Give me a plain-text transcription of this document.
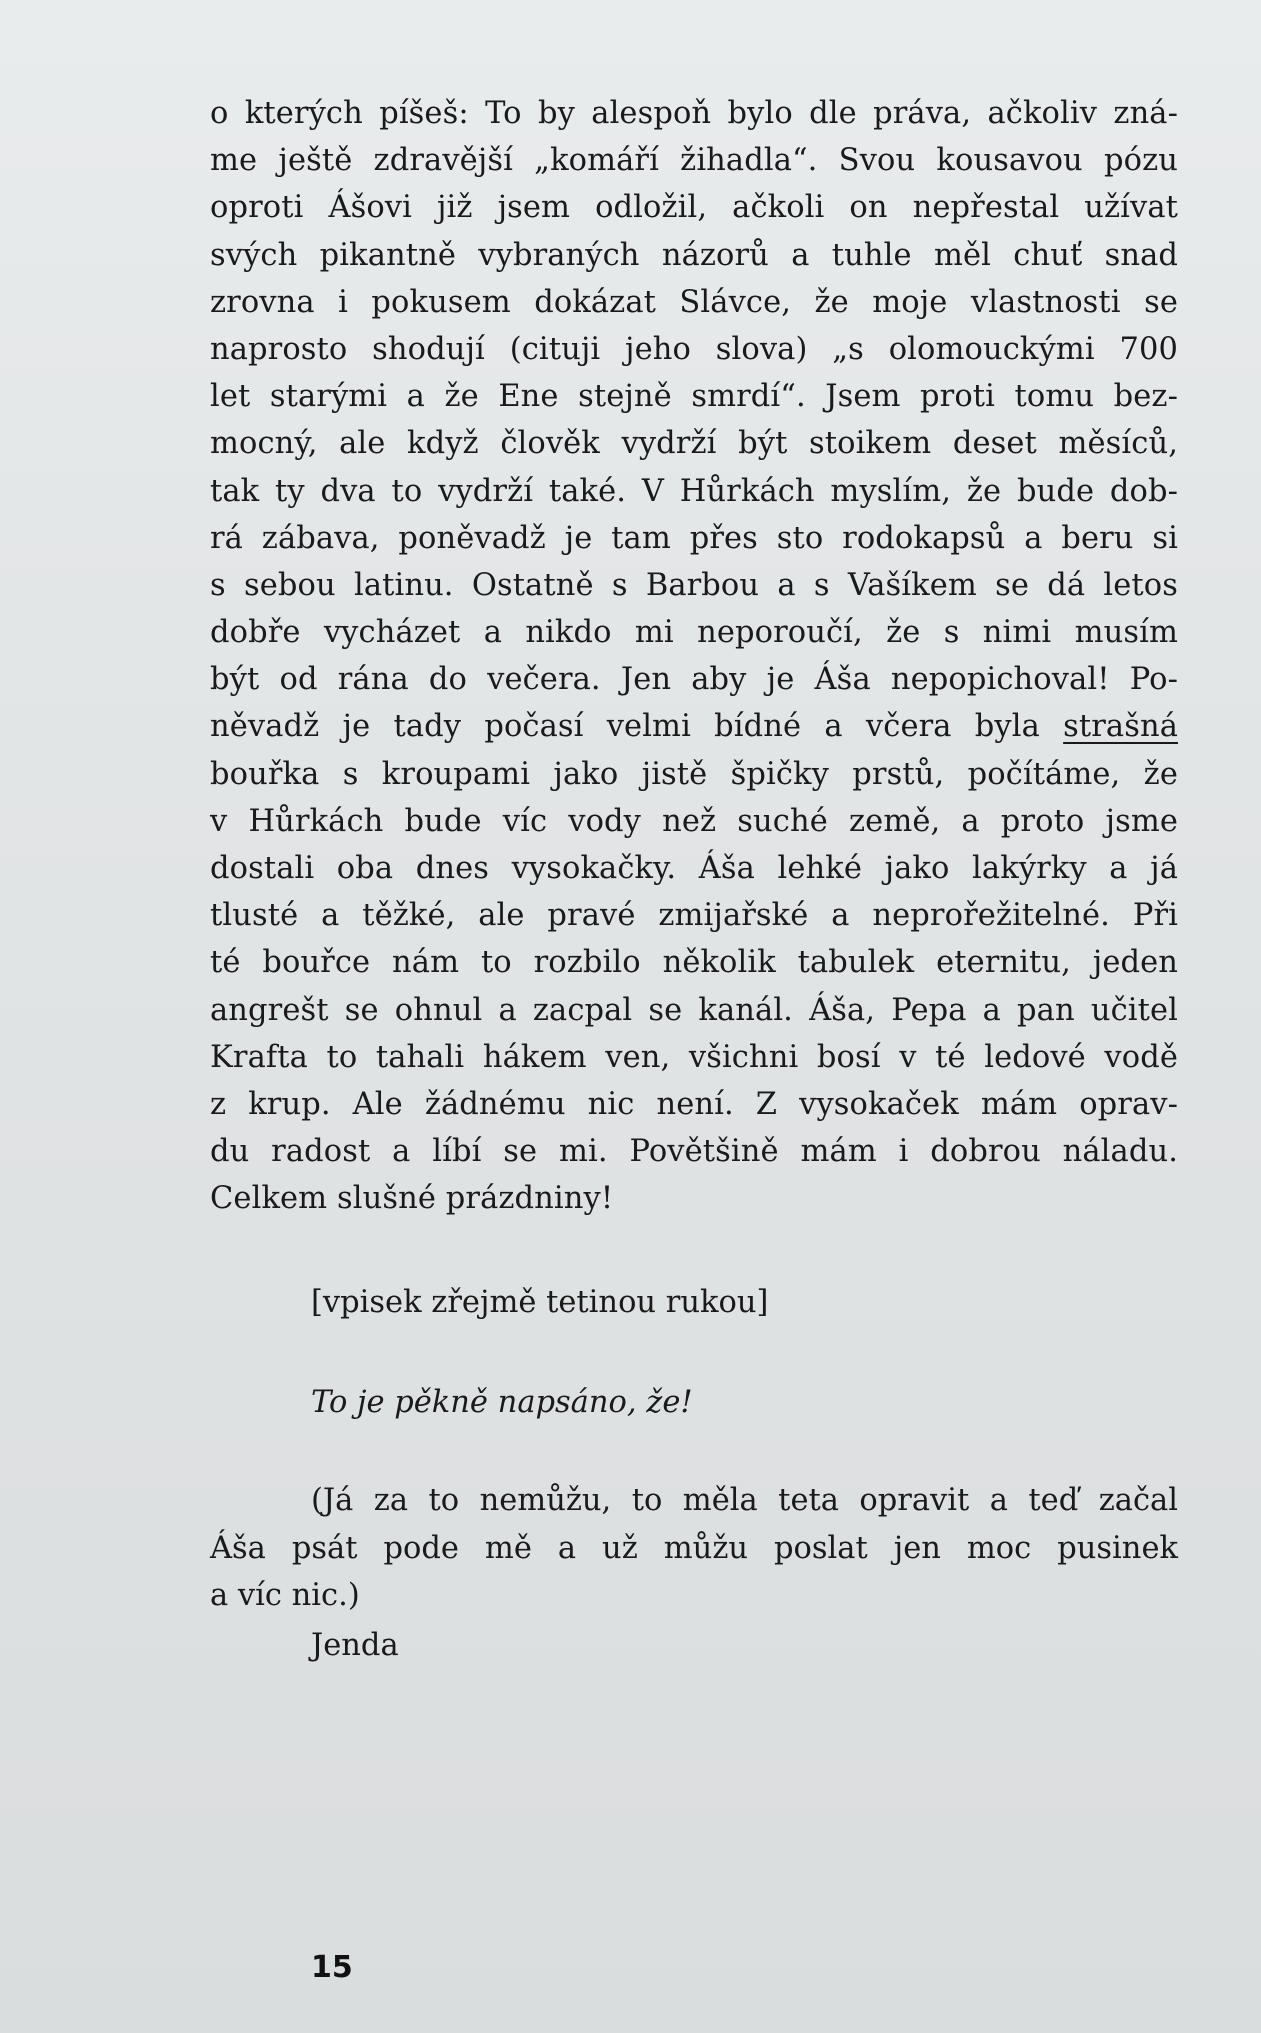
o kterých píšeš: To by alespoň bylo dle práva, ačkoliv zná-
me ještě zdravější „komáří žihadla“. Svou kousavou pózu
oproti Ášovi již jsem odložil, ačkoli on nepřestal užívat
svých pikantně vybraných názorů a tuhle měl chuť snad
zrovna i pokusem dokázat Slávce, že moje vlastnosti se
naprosto shodují (cituji jeho slova) „s olomouckými 700
let starými a že Ene stejně smrdí“. Jsem proti tomu bez-
mocný, ale když člověk vydrží být stoikem deset měsíců,
tak ty dva to vydrží také. V Hůrkách myslím, že bude dob-
rá zábava, poněvadž je tam přes sto rodokapsů a beru si
s sebou latinu. Ostatně s Barbou a s Vašíkem se dá letos
dobře vycházet a nikdo mi neporoučí, že s nimi musím
být od rána do večera. Jen aby je Áša nepopichoval! Po-
něvadž je tady počasí velmi bídné a včera byla strašná
bouřka s kroupami jako jistě špičky prstů, počítáme, že
v Hůrkách bude víc vody než suché země, a proto jsme
dostali oba dnes vysokačky. Áša lehké jako lakýrky a já
tlusté a těžké, ale pravé zmijařské a neprořežitelné. Při
té bouřce nám to rozbilo několik tabulek eternitu, jeden
angrešt se ohnul a zacpal se kanál. Áša, Pepa a pan učitel
Krafta to tahali hákem ven, všichni bosí v té ledové vodě
z krup. Ale žádnému nic není. Z vysokaček mám oprav-
du radost a líbí se mi. Povětšině mám i dobrou náladu.
Celkem slušné prázdniny!
[vpisek zřejmě tetinou rukou]
To je pěkně napsáno, že!
(Já za to nemůžu, to měla teta opravit a teď začal
Áša psát pode mě a už můžu poslat jen moc pusinek
a víc nic.)
Jenda
15
